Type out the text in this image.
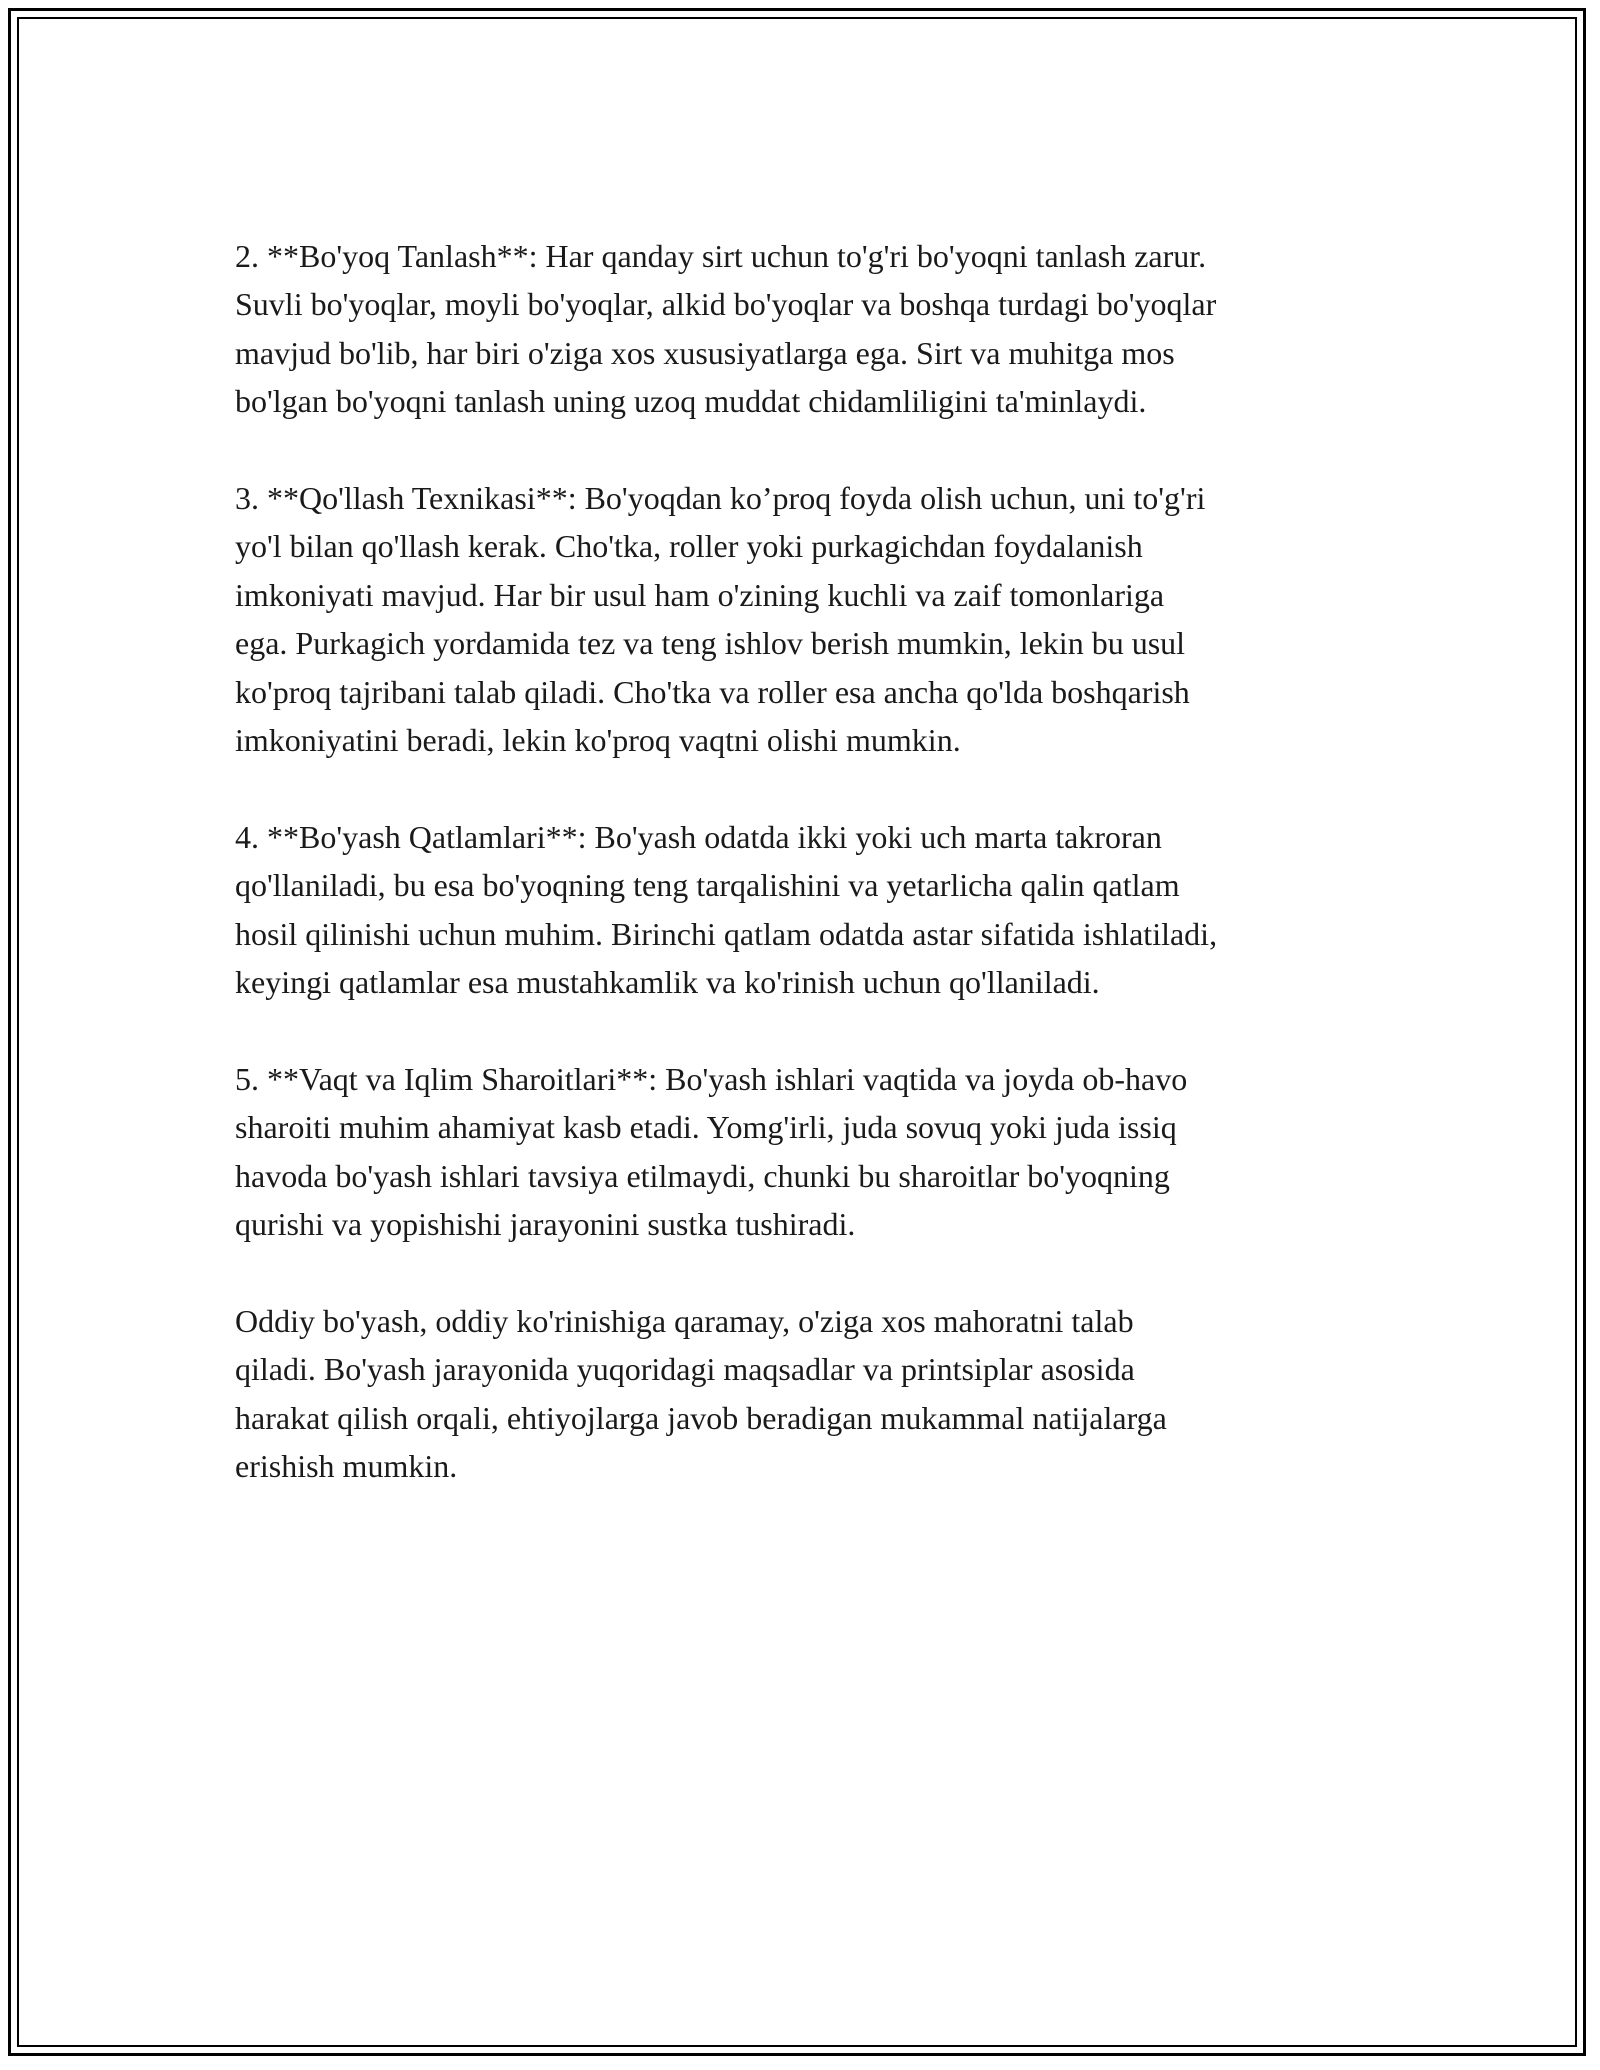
2. **Bo'yoq Tanlash**: Har qanday sirt uchun to'g'ri bo'yoqni tanlash zarur.
Suvli bo'yoqlar, moyli bo'yoqlar, alkid bo'yoqlar va boshqa turdagi bo'yoqlar
mavjud bo'lib, har biri o'ziga xos xususiyatlarga ega. Sirt va muhitga mos
bo'lgan bo'yoqni tanlash uning uzoq muddat chidamliligini ta'minlaydi.

3. **Qo'llash Texnikasi**: Bo'yoqdan ko’proq foyda olish uchun, uni to'g'ri
yo'l bilan qo'llash kerak. Cho'tka, roller yoki purkagichdan foydalanish
imkoniyati mavjud. Har bir usul ham o'zining kuchli va zaif tomonlariga
ega. Purkagich yordamida tez va teng ishlov berish mumkin, lekin bu usul
ko'proq tajribani talab qiladi. Cho'tka va roller esa ancha qo'lda boshqarish
imkoniyatini beradi, lekin ko'proq vaqtni olishi mumkin.

4. **Bo'yash Qatlamlari**: Bo'yash odatda ikki yoki uch marta takroran
qo'llaniladi, bu esa bo'yoqning teng tarqalishini va yetarlicha qalin qatlam
hosil qilinishi uchun muhim. Birinchi qatlam odatda astar sifatida ishlatiladi,
keyingi qatlamlar esa mustahkamlik va ko'rinish uchun qo'llaniladi.

5. **Vaqt va Iqlim Sharoitlari**: Bo'yash ishlari vaqtida va joyda ob-havo
sharoiti muhim ahamiyat kasb etadi. Yomg'irli, juda sovuq yoki juda issiq
havoda bo'yash ishlari tavsiya etilmaydi, chunki bu sharoitlar bo'yoqning
qurishi va yopishishi jarayonini sustka tushiradi.

Oddiy bo'yash, oddiy ko'rinishiga qaramay, o'ziga xos mahoratni talab
qiladi. Bo'yash jarayonida yuqoridagi maqsadlar va printsiplar asosida
harakat qilish orqali, ehtiyojlarga javob beradigan mukammal natijalarga
erishish mumkin.
